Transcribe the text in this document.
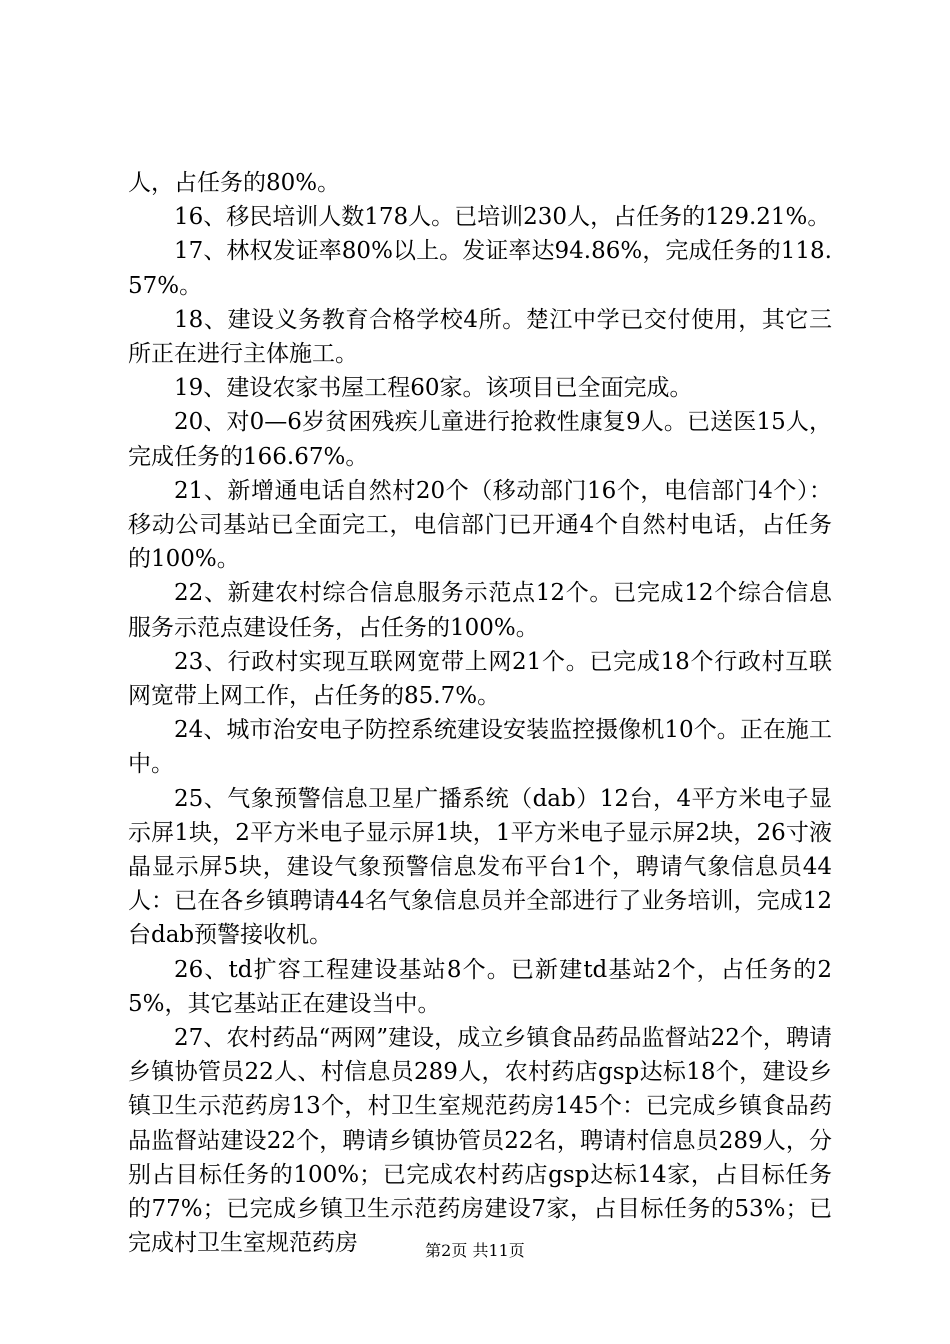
人，占任务的80%。

16、移民培训人数178人。已培训230人，占任务的129.21%。

17、林权发证率80%以上。发证率达94.86%，完成任务的118.57%。

18、建设义务教育合格学校4所。楚江中学已交付使用，其它三所正在进行主体施工。

19、建设农家书屋工程60家。该项目已全面完成。

20、对0—6岁贫困残疾儿童进行抢救性康复9人。已送医15人，完成任务的166.67%。

21、新增通电话自然村20个（移动部门16个，电信部门4个）：移动公司基站已全面完工，电信部门已开通4个自然村电话，占任务的100%。

22、新建农村综合信息服务示范点12个。已完成12个综合信息服务示范点建设任务，占任务的100%。

23、行政村实现互联网宽带上网21个。已完成18个行政村互联网宽带上网工作，占任务的85.7%。

24、城市治安电子防控系统建设安装监控摄像机10个。正在施工中。

25、气象预警信息卫星广播系统（dab）12台，4平方米电子显示屏1块，2平方米电子显示屏1块，1平方米电子显示屏2块，26寸液晶显示屏5块，建设气象预警信息发布平台1个，聘请气象信息员44人：已在各乡镇聘请44名气象信息员并全部进行了业务培训，完成12台dab预警接收机。

26、td扩容工程建设基站8个。已新建td基站2个，占任务的25%，其它基站正在建设当中。

27、农村药品“两网”建设，成立乡镇食品药品监督站22个，聘请乡镇协管员22人、村信息员289人，农村药店gsp达标18个，建设乡镇卫生示范药房13个，村卫生室规范药房145个：已完成乡镇食品药品监督站建设22个，聘请乡镇协管员22名，聘请村信息员289人，分别占目标任务的100%；已完成农村药店gsp达标14家，占目标任务的77%；已完成乡镇卫生示范药房建设7家，占目标任务的53%；已完成村卫生室规范药房	第2页 共11页
